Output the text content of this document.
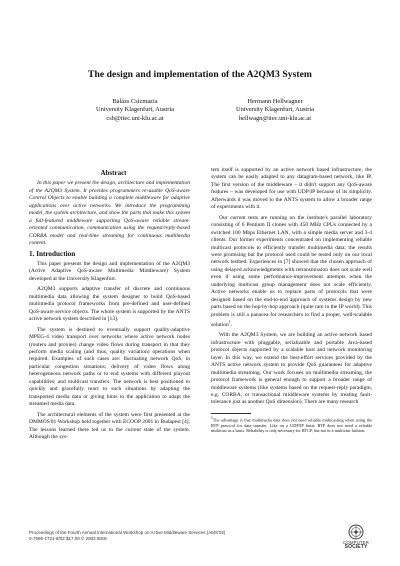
The design and implementation of the A2QM3 System
Balázs Csizmazia
University Klagenfurt, Austria
csb@itec.uni-klu.ac.at
Hermann Hellwagner
University Klagenfurt, Austria
hellwagn@itec.uni-klu.ac.at

Abstract

In this paper we present the design, architecture and implementation of the A2QM3 System. It provides programmers re-usable QoS-aware Control Objects to enable building a complete middleware for adaptive applications over active networks. We introduce the programming model, the system architecture, and show the parts that make this system a full-featured middleware supporting QoS-aware reliable stream-oriented communication, communication using the request/reply-based CORBA model and real-time streaming for continuous multimedia content.

1. Introduction

This paper presents the design and implementation of the A2QM3 (Active Adaptive QoS-aware Multimedia Middleware) System developed at the University Klagenfurt.

A2QM3 supports adaptive transfer of discrete and continuous multimedia data allowing the system designer to build QoS-based multimedia protocol frameworks from pre-defined and user-defined QoS-aware service objects. The whole system is supported by the ANTS active network system described in [13].

The system is destined to eventually support quality-adaptive MPEG-4 video transport over networks where active network nodes (routers and proxies) change video flows during transport in that they perform media scaling (and thus, quality variation) operations when required. Examples of such cases are: fluctuating network QoS, in particular congestion situations; delivery of video flows along heterogeneous network paths or to end systems with different playout capabilities; and multicast transfers. The network is best positioned to quickly and gracefully react to such situations by adapting the transported media data or giving hints to the application to adapt the streamed media data.

The architectural elements of the system were first presented at the DMMOS'01 Workshop held together with ECOOP 2001 in Budapest [4]. The lessons learned there led us to the current state of the system. Although the sys-

tem itself is supported by an active network based infrastructure, the system can be easily adapted to any datagram-based network, like IP. The first version of the middleware – it didn't support any QoS-aware features – was developed for use with UDP/IP because of its simplicity. Afterwards it was moved to the ANTS system to allow a broader range of experiments with it.

Our current tests are running on the institute's parallel laboratory consisting of 6 Pentium II clones with 450 MHz CPUs connected by a switched 100 Mbps Ethernet LAN, with a simple media server and 3-4 clients. Our former experiments concentrated on implementing reliable multicast protocols to efficiently transfer multimedia data; the results were promising but the protocol used could be tested only on our local network testbed. Experiences in [7] showed that the chosen approach of using delayed acknowledgments with retransmission does not scale well even if using some performance-improvement attempts when the underlying multicast group management does not scale efficiently. Active networks enable us to replace parts of protocols that were designed based on the end-to-end approach of systems design by new parts based on the hop-by-hop approach (quite rare in the IP world). This problem is still a panacea for researchers to find a proper, well-scalable solution$^1$.

With the A2QM3 System, we are building an active network based infrastructure with pluggable, serializable and portable Java-based protocol objects supported by a scalable host and network monitoring layer. In this way, we extend the best-effort services provided by the ANTS active network system to provide QoS guarantees for adaptive multimedia streaming. Our work focuses on multimedia streaming, the protocol framework is general enough to support a broader range of middleware systems (like systems based on the request-reply paradigm, e.g. CORBA, or transactional middleware systems by treating fault-tolerance just as another QoS dimension). There are many research

$^1$The advantage is that multimedia data does not need reliable multicasting when using the RTP protocol for data transfer. Like on a UDP/IP basis, RTP does not need a reliable multicast as a basis. Reliability is only necessary for RTCP, but not in a multicast fashion.
Proceedings of the Fourth Annual International Workshop on Active Middleware Services (AMS'02)
0-7695-1721-8/02 $17.00 © 2002 IEEE
COMPUTER
SOCIETY
